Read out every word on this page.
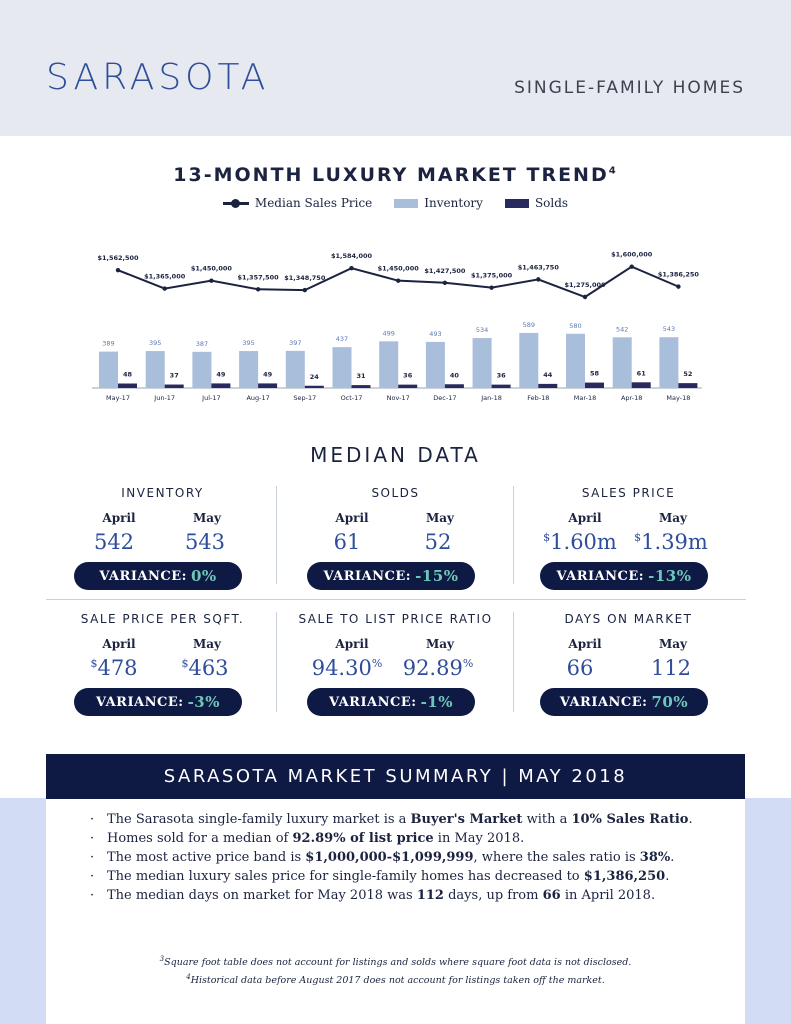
SARASOTA	SINGLE-FAMILY HOMES
13-MONTH LUXURY MARKET TREND$^4$
Median Sales Price	Inventory	Solds
389
48
May-17
395
37
Jun-17
387
49
Jul-17
395
49
Aug-17
397
24
Sep-17
437
31
Oct-17
499
36
Nov-17
493
40
Dec-17
534
36
Jan-18
589
44
Feb-18
580
58
Mar-18
542
61
Apr-18
543
52
May-18
$1,562,500
$1,365,000
$1,450,000
$1,357,500 $1,348,750
$1,584,000
$1,450,000 $1,427,500
$1,375,000
$1,463,750
$1,275,000
$1,600,000
$1,386,250
MEDIAN DATA
INVENTORY
April	May
542	543
VARIANCE: 0%
SOLDS
April	May
61	52
VARIANCE: -15%
SALES PRICE
April	May
$1.60m	$1.39m
VARIANCE: -13%
SALE PRICE PER SQFT.
April	May
$478	$463
VARIANCE: -3%
SALE TO LIST PRICE RATIO
April	May
94.30% 92.89%
VARIANCE: -1%
DAYS ON MARKET
April	May
66	112
VARIANCE: 70%
SARASOTA MARKET SUMMARY | MAY 2018
· The Sarasota single-family luxury market is a Buyer's Market with a 10% Sales Ratio.
· Homes sold for a median of 92.89% of list price in May 2018.
· The most active price band is $1,000,000-$1,099,999, where the sales ratio is 38%.
· The median luxury sales price for single-family homes has decreased to $1,386,250.
· The median days on market for May 2018 was 112 days, up from 66 in April 2018.
$^3$Square foot table does not account for listings and solds where square foot data is not disclosed.
$^4$Historical data before August 2017 does not account for listings taken off the market.
